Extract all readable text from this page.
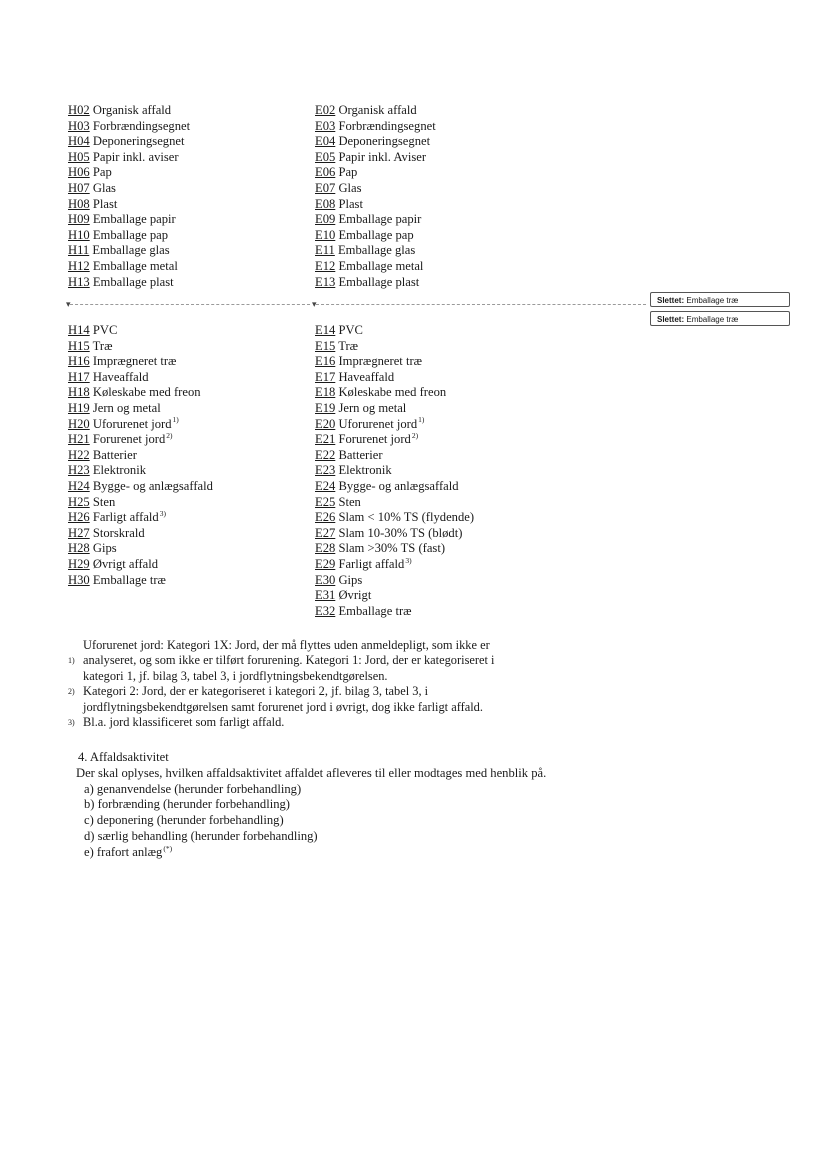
H02 Organisk affald
H03 Forbrændingsegnet
H04 Deponeringsegnet
H05 Papir inkl. aviser
H06 Pap
H07 Glas
H08 Plast
H09 Emballage papir
H10 Emballage pap
H11 Emballage glas
H12 Emballage metal
H13 Emballage plast
E02 Organisk affald
E03 Forbrændingsegnet
E04 Deponeringsegnet
E05 Papir inkl. Aviser
E06 Pap
E07 Glas
E08 Plast
E09 Emballage papir
E10 Emballage pap
E11 Emballage glas
E12 Emballage metal
E13 Emballage plast
▾	▾	Slettet: Emballage træ
Slettet: Emballage træ
H14 PVC
H15 Træ
H16 Imprægneret træ
H17 Haveaffald
H18 Køleskabe med freon
H19 Jern og metal
H20 Uforurenet jord$^{1)}$
H21 Forurenet jord$^{2)}$
H22 Batterier
H23 Elektronik
H24 Bygge- og anlægsaffald
H25 Sten
H26 Farligt affald$^{3)}$
H27 Storskrald
H28 Gips
H29 Øvrigt affald
H30 Emballage træ
E14 PVC
E15 Træ
E16 Imprægneret træ
E17 Haveaffald
E18 Køleskabe med freon
E19 Jern og metal
E20 Uforurenet jord$^{1)}$
E21 Forurenet jord$^{2)}$
E22 Batterier
E23 Elektronik
E24 Bygge- og anlægsaffald
E25 Sten
E26 Slam < 10% TS (flydende)
E27 Slam 10-30% TS (blødt)
E28 Slam >30% TS (fast)
E29 Farligt affald$^{3)}$
E30 Gips
E31 Øvrigt
E32 Emballage træ
1)
Uforurenet jord: Kategori 1X: Jord, der må flyttes uden anmeldepligt, som ikke er
analyseret, og som ikke er tilført forurening. Kategori 1: Jord, der er kategoriseret i
kategori 1, jf. bilag 3, tabel 3, i jordflytningsbekendtgørelsen.
2) Kategori 2: Jord, der er kategoriseret i kategori 2, jf. bilag 3, tabel 3, i
jordflytningsbekendtgørelsen samt forurenet jord i øvrigt, dog ikke farligt affald.
3) Bl.a. jord klassificeret som farligt affald.
4. Affaldsaktivitet
Der skal oplyses, hvilken affaldsaktivitet affaldet afleveres til eller modtages med henblik på.
a) genanvendelse (herunder forbehandling)
b) forbrænding (herunder forbehandling)
c) deponering (herunder forbehandling)
d) særlig behandling (herunder forbehandling)
e) frafort anlæg(*)
